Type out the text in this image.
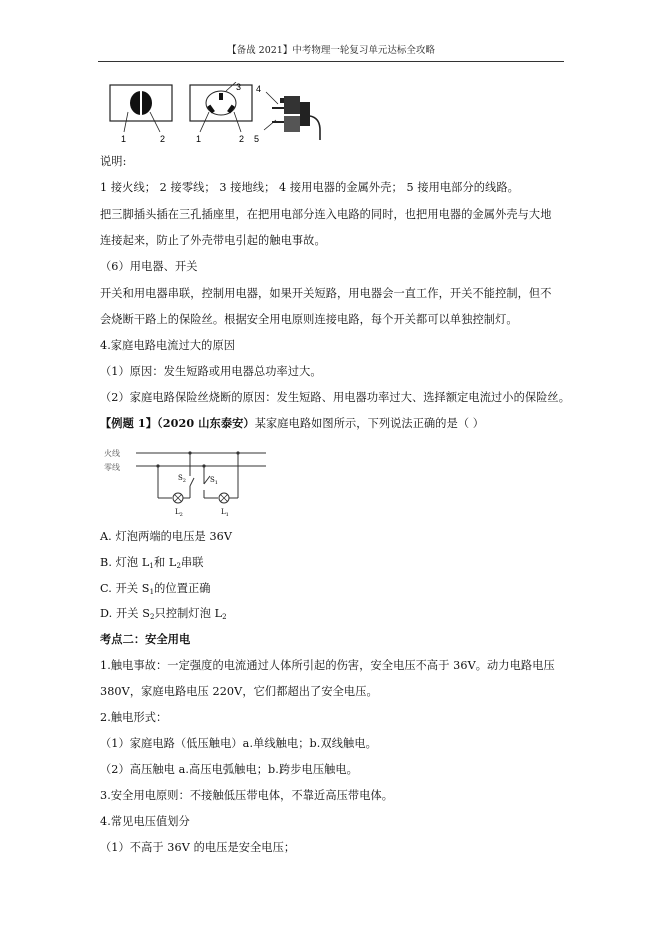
【备战 2021】中考物理一轮复习单元达标全攻略
1	2
3
1	2
4
5
说明:
1 接火线； 2 接零线； 3 接地线； 4 接用电器的金属外壳； 5 接用电部分的线路。
把三脚插头插在三孔插座里，在把用电部分连入电路的同时，也把用电器的金属外壳与大地
连接起来，防止了外壳带电引起的触电事故。
（6）用电器、开关
开关和用电器串联，控制用电器，如果开关短路，用电器会一直工作，开关不能控制，但不
会烧断干路上的保险丝。根据安全用电原则连接电路，每个开关都可以单独控制灯。
4.家庭电路电流过大的原因
（1）原因：发生短路或用电器总功率过大。
（2）家庭电路保险丝烧断的原因：发生短路、用电器功率过大、选择额定电流过小的保险丝。
【例题 1】（2020 山东泰安）某家庭电路如图所示，下列说法正确的是（ ）
火线
零线
$S_2$
$L_2$
$S_1$
$L_1$
A. 灯泡两端的电压是 36V
B. 灯泡 $L_1$和 $L_2$串联
C. 开关 $S_1$的位置正确
D. 开关 $S_2$只控制灯泡 $L_2$
考点二：安全用电
1.触电事故：一定强度的电流通过人体所引起的伤害，安全电压不高于 36V。动力电路电压
380V，家庭电路电压 220V，它们都超出了安全电压。
2.触电形式：
（1）家庭电路（低压触电）a.单线触电；b.双线触电。
（2）高压触电 a.高压电弧触电；b.跨步电压触电。
3.安全用电原则：不接触低压带电体，不靠近高压带电体。
4.常见电压值划分
（1）不高于 36V 的电压是安全电压；
